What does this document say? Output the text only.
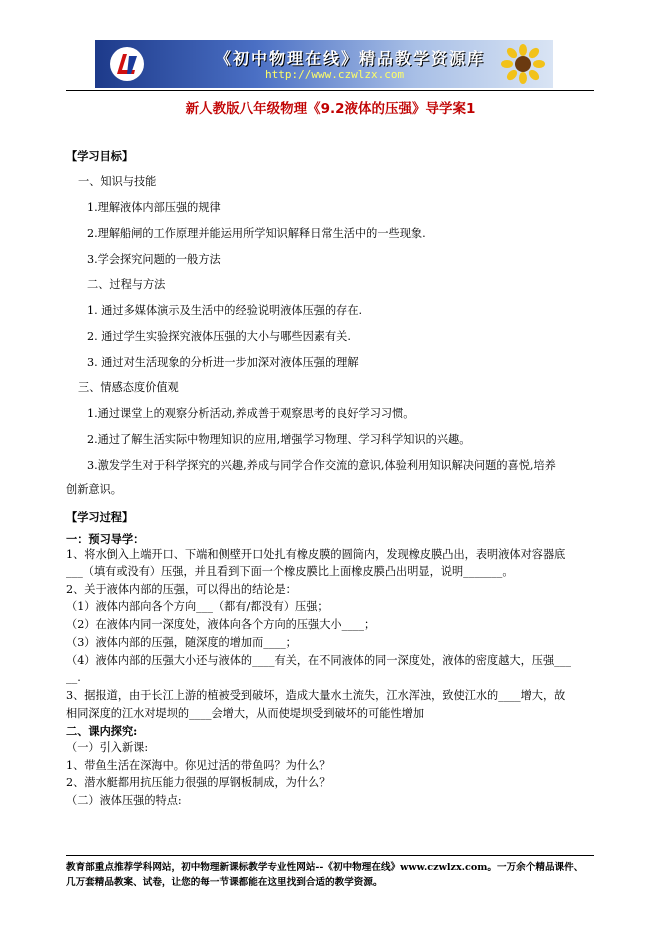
《初中物理在线》精品教学资源库
http://www.czwlzx.com
新人教版八年级物理《9.2液体的压强》导学案1
【学习目标】
一、知识与技能
1.理解液体内部压强的规律
2.理解船闸的工作原理并能运用所学知识解释日常生活中的一些现象.
3.学会探究问题的一般方法
二、过程与方法
1. 通过多媒体演示及生活中的经验说明液体压强的存在.
2. 通过学生实验探究液体压强的大小与哪些因素有关.
3. 通过对生活现象的分析进一步加深对液体压强的理解
三、情感态度价值观
1.通过课堂上的观察分析活动,养成善于观察思考的良好学习习惯。
2.通过了解生活实际中物理知识的应用,增强学习物理、学习科学知识的兴趣。
3.激发学生对于科学探究的兴趣,养成与同学合作交流的意识,体验利用知识解决问题的喜悦,培养
创新意识。
【学习过程】
一：预习导学：
1、将水倒入上端开口、下端和侧壁开口处扎有橡皮膜的圆筒内，发现橡皮膜凸出，表明液体对容器底
___（填有或没有）压强，并且看到下面一个橡皮膜比上面橡皮膜凸出明显，说明_______。
2、关于液体内部的压强，可以得出的结论是：
（1）液体内部向各个方向___（都有/都没有）压强；
（2）在液体内同一深度处，液体向各个方向的压强大小____；
（3）液体内部的压强，随深度的增加而____；
（4）液体内部的压强大小还与液体的____有关，在不同液体的同一深度处，液体的密度越大，压强___
__.
3、据报道，由于长江上游的植被受到破坏，造成大量水土流失，江水浑浊，致使江水的____增大，故
相同深度的江水对堤坝的____会增大，从而使堤坝受到破坏的可能性增加
二、课内探究:
（一）引入新课:
1、带鱼生活在深海中。你见过活的带鱼吗？为什么？
2、潜水艇都用抗压能力很强的厚钢板制成，为什么？
（二）液体压强的特点:
教育部重点推荐学科网站，初中物理新课标教学专业性网站--《初中物理在线》www.czwlzx.com。一万余个精品课件、
几万套精品教案、试卷，让您的每一节课都能在这里找到合适的教学资源。
